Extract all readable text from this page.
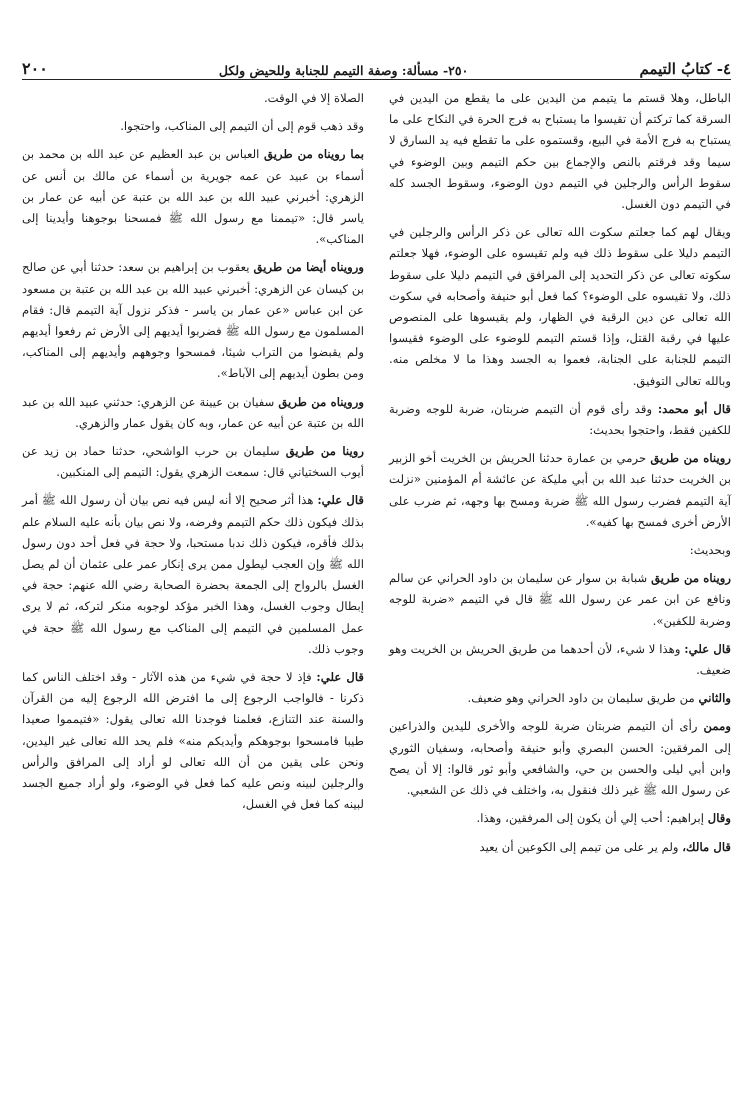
٤- كتابُ التيمم
٢٥٠- مسألة: وصفة التيمم للجنابة وللحيض ولكل
٢٠٠

الباطل، وهلا قستم ما يتيمم من اليدين على ما يقطع من اليدين في السرقة كما تركتم أن تقيسوا ما يستباح به فرج الحرة في النكاح على ما يستباح به فرج الأمة في البيع، وقستموه على ما تقطع فيه يد السارق لا سيما وقد فرقتم بالنص والإجماع بين حكم التيمم وبين الوضوء في سقوط الرأس والرجلين في التيمم دون الوضوء، وسقوط الجسد كله في التيمم دون الغسل.

ويقال لهم كما جعلتم سكوت الله تعالى عن ذكر الرأس والرجلين في التيمم دليلا على سقوط ذلك فيه ولم تقيسوه على الوضوء، فهلا جعلتم سكوته تعالى عن ذكر التحديد إلى المرافق في التيمم دليلا على سقوط ذلك، ولا تقيسوه على الوضوء؟ كما فعل أبو حنيفة وأصحابه في سكوت الله تعالى عن دين الرقبة في الظهار، ولم يقيسوها على المنصوص عليها في رقبة القتل، وإذا قستم التيمم للوضوء على الوضوء فقيسوا التيمم للجنابة على الجنابة، فعموا به الجسد وهذا ما لا مخلص منه. وبالله تعالى التوفيق.

قال أبو محمد: وقد رأى قوم أن التيمم ضربتان، ضربة للوجه وضربة للكفين فقط، واحتجوا بحديث:

رويناه من طريق حرمي بن عمارة حدثنا الحريش بن الخريت أخو الزبير بن الخريت حدثنا عبد الله بن أبي مليكة عن عائشة أم المؤمنين «نزلت آية التيمم فضرب رسول الله ﷺ ضربة ومسح بها وجهه، ثم ضرب على الأرض أخرى فمسح بها كفيه».

وبحديث:

رويناه من طريق شبابة بن سوار عن سليمان بن داود الحراني عن سالم ونافع عن ابن عمر عن رسول الله ﷺ قال في التيمم «ضربة للوجه وضربة للكفين».

قال علي: وهذا لا شيء، لأن أحدهما من طريق الحريش بن الخريت وهو ضعيف.

والثاني من طريق سليمان بن داود الحراني وهو ضعيف.

وممن رأى أن التيمم ضربتان ضربة للوجه والأخرى لليدين والذراعين إلى المرفقين: الحسن البصري وأبو حنيفة وأصحابه، وسفيان الثوري وابن أبي ليلى والحسن بن حي، والشافعي وأبو ثور قالوا: إلا أن يصح عن رسول الله ﷺ غير ذلك فنقول به، واختلف في ذلك عن الشعبي.

وقال إبراهيم: أحب إلي أن يكون إلى المرفقين، وهذا.

قال مالك، ولم ير على من تيمم إلى الكوعين أن يعيد

الصلاة إلا في الوقت.

وقد ذهب قوم إلى أن التيمم إلى المناكب، واحتجوا.

بما رويناه من طريق العباس بن عبد العظيم عن عبد الله بن محمد بن أسماء بن عبيد عن عمه جويرية بن أسماء عن مالك بن أنس عن الزهري: أخبرني عبيد الله بن عبد الله بن عتبة عن أبيه عن عمار بن ياسر قال: «تيممنا مع رسول الله ﷺ فمسحنا بوجوهنا وأيدينا إلى المناكب».

ورويناه أيضا من طريق يعقوب بن إبراهيم بن سعد: حدثنا أبي عن صالح بن كيسان عن الزهري: أخبرني عبيد الله بن عبد الله بن عتبة بن مسعود عن ابن عباس «عن عمار بن ياسر - فذكر نزول آية التيمم قال: فقام المسلمون مع رسول الله ﷺ فضربوا أيديهم إلى الأرض ثم رفعوا أيديهم ولم يقبضوا من التراب شيئا، فمسحوا وجوههم وأيديهم إلى المناكب، ومن بطون أيديهم إلى الآباط».

ورويناه من طريق سفيان بن عيينة عن الزهري: حدثني عبيد الله بن عبد الله بن عتبة عن أبيه عن عمار، وبه كان يقول عمار والزهري.

روينا من طريق سليمان بن حرب الواشحي، حدثنا حماد بن زيد عن أيوب السختياني قال: سمعت الزهري يقول: التيمم إلى المنكبين.

قال علي: هذا أثر صحيح إلا أنه ليس فيه نص بيان أن رسول الله ﷺ أمر بذلك فيكون ذلك حكم التيمم وفرضه، ولا نص بيان بأنه عليه السلام علم بذلك فأقره، فيكون ذلك ندبا مستحبا، ولا حجة في فعل أحد دون رسول الله ﷺ وإن العجب ليطول ممن يرى إنكار عمر على عثمان أن لم يصل الغسل بالرواح إلى الجمعة بحضرة الصحابة رضي الله عنهم: حجة في إبطال وجوب الغسل، وهذا الخبر مؤكد لوجوبه منكر لتركه، ثم لا يرى عمل المسلمين في التيمم إلى المناكب مع رسول الله ﷺ حجة في وجوب ذلك.

قال علي: فإذ لا حجة في شيء من هذه الآثار - وقد اختلف الناس كما ذكرنا - فالواجب الرجوع إلى ما افترض الله الرجوع إليه من القرآن والسنة عند التنازع، فعلمنا فوجدنا الله تعالى يقول: «فتيمموا صعيدا طيبا فامسحوا بوجوهكم وأيديكم منه» فلم يحد الله تعالى غير اليدين، ونحن على يقين من أن الله تعالى لو أراد إلى المرافق والرأس والرجلين لبينه ونص عليه كما فعل في الوضوء، ولو أراد جميع الجسد لبينه كما فعل في الغسل،
